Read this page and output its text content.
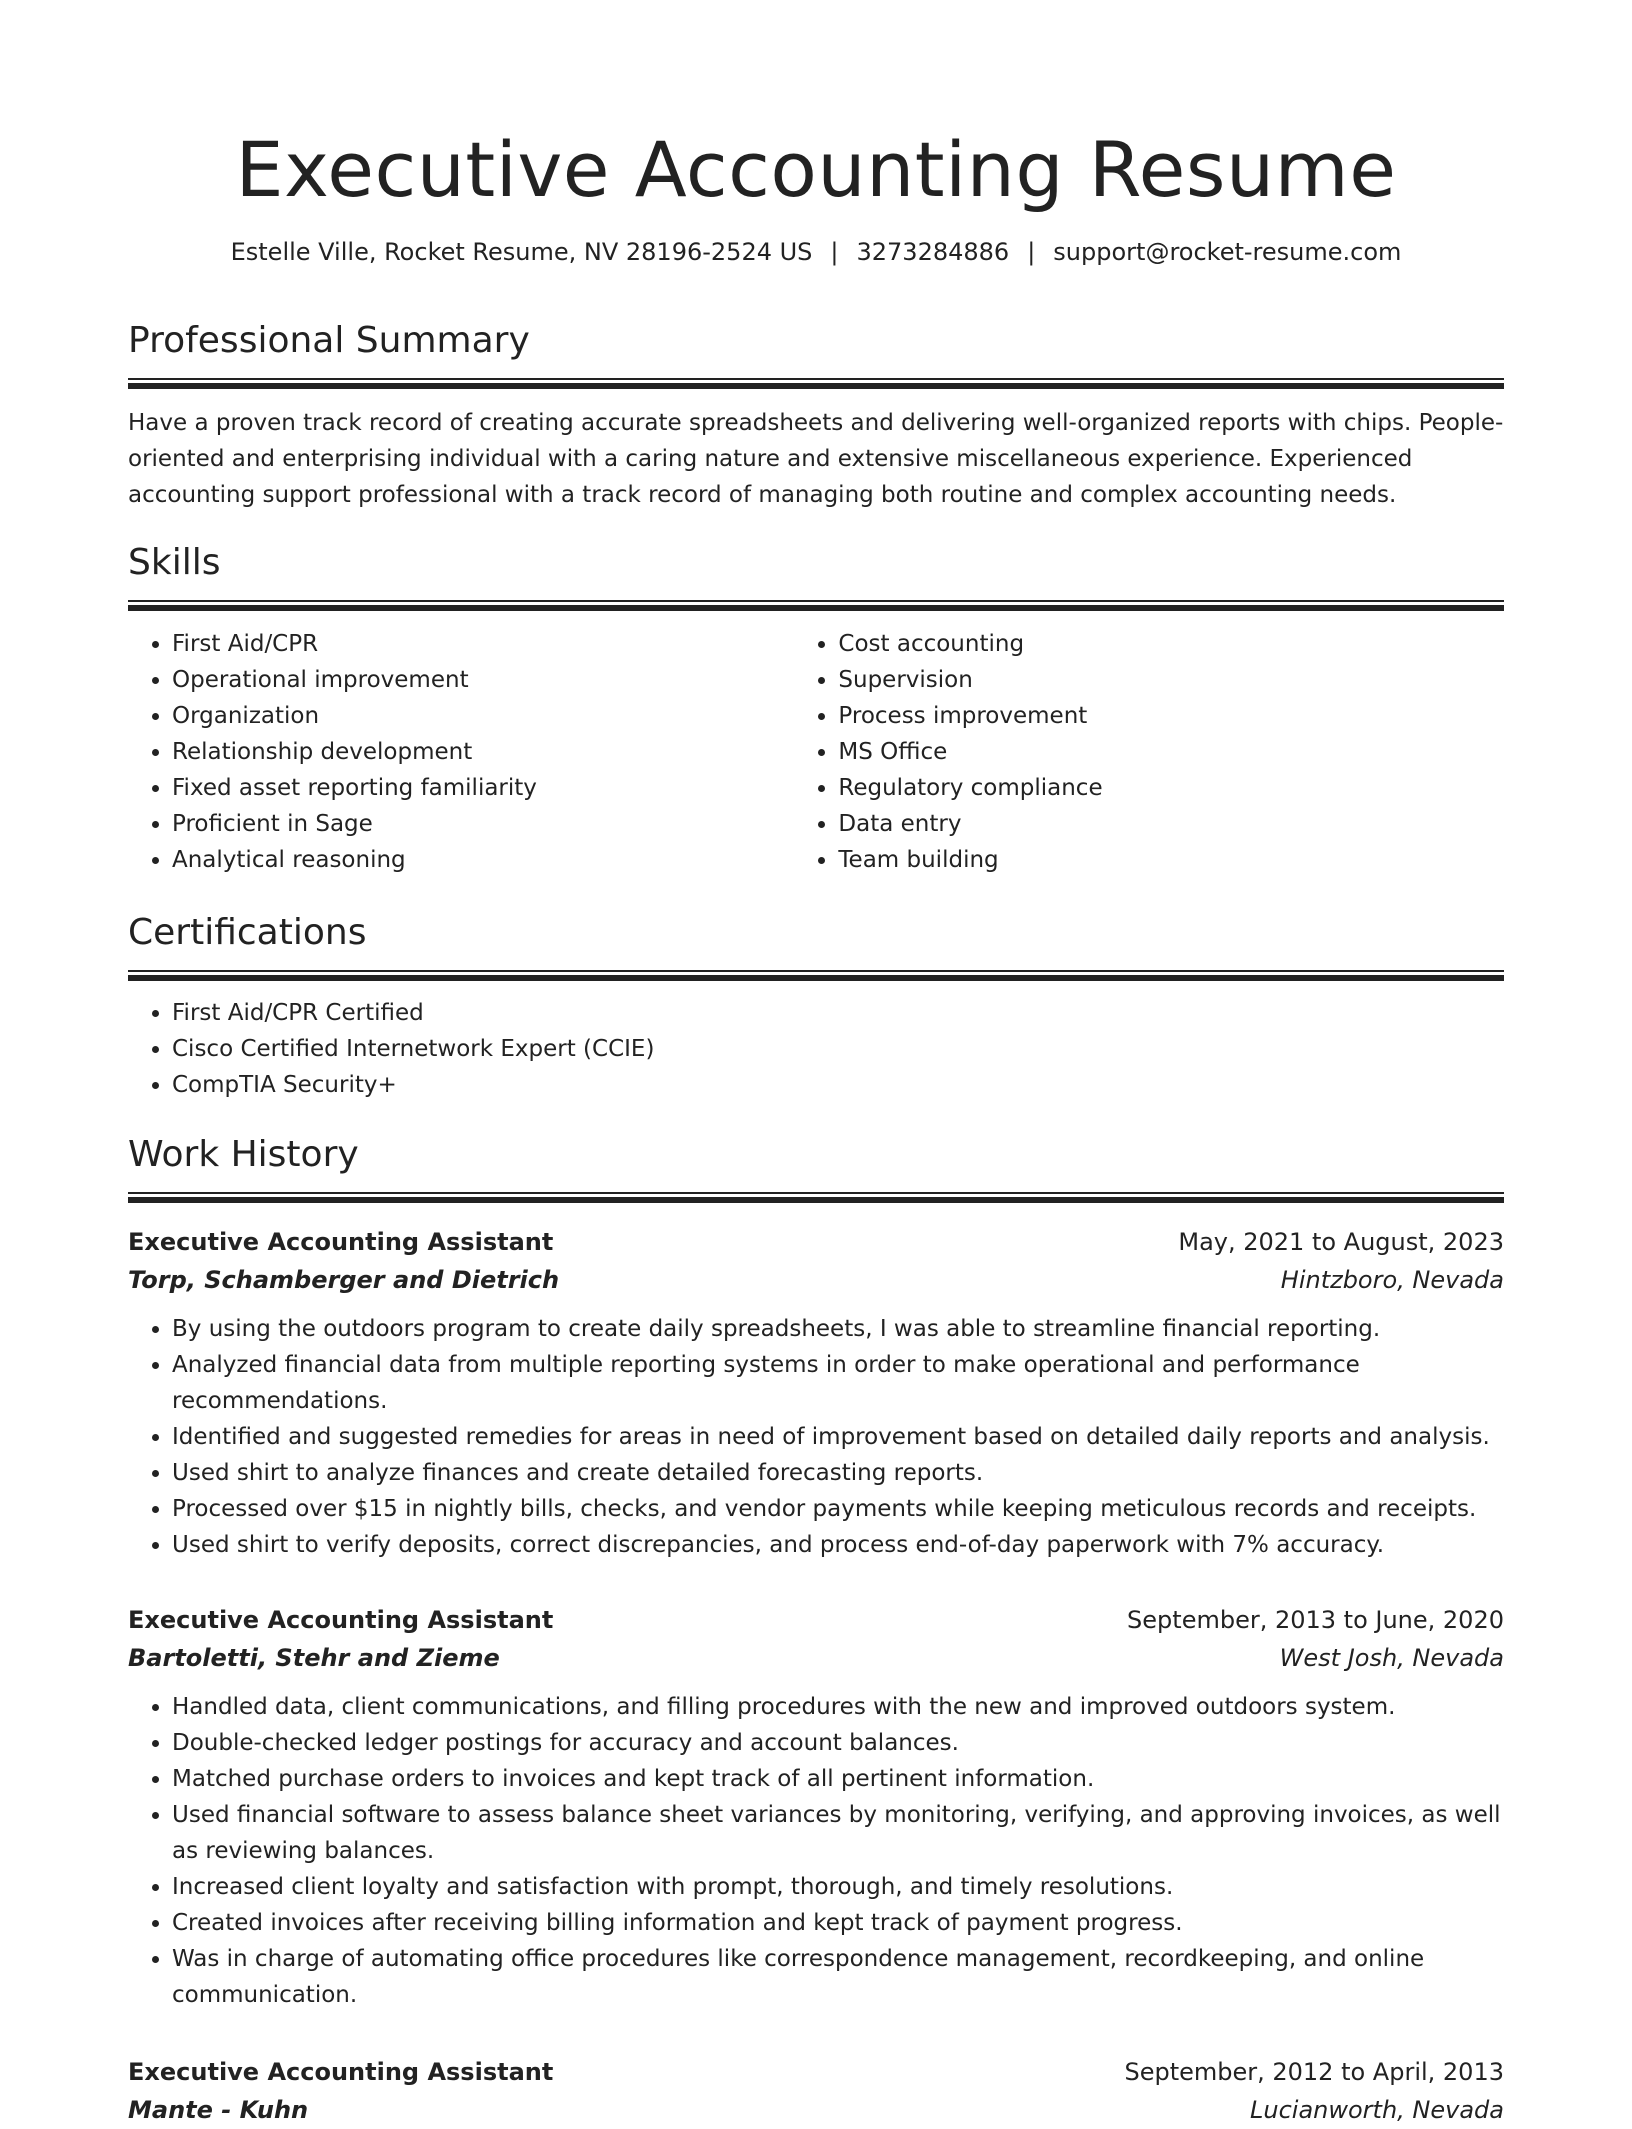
Executive Accounting Resume
Estelle Ville, Rocket Resume, NV 28196-2524 US | 3273284886 | support@rocket-resume.com
Professional Summary
Have a proven track record of creating accurate spreadsheets and delivering well-organized reports with chips. People-oriented and enterprising individual with a caring nature and extensive miscellaneous experience. Experienced accounting support professional with a track record of managing both routine and complex accounting needs.
Skills
• First Aid/CPR
• Operational improvement
• Organization
• Relationship development
• Fixed asset reporting familiarity
• Proficient in Sage
• Analytical reasoning
• Cost accounting
• Supervision
• Process improvement
• MS Office
• Regulatory compliance
• Data entry
• Team building
Certifications
• First Aid/CPR Certified
• Cisco Certified Internetwork Expert (CCIE)
• CompTIA Security+
Work History
Executive Accounting Assistant	May, 2021 to August, 2023
Torp, Schamberger and Dietrich	Hintzboro, Nevada
• By using the outdoors program to create daily spreadsheets, I was able to streamline financial reporting.
• Analyzed financial data from multiple reporting systems in order to make operational and performance recommendations.
• Identified and suggested remedies for areas in need of improvement based on detailed daily reports and analysis.
• Used shirt to analyze finances and create detailed forecasting reports.
• Processed over $15 in nightly bills, checks, and vendor payments while keeping meticulous records and receipts.
• Used shirt to verify deposits, correct discrepancies, and process end-of-day paperwork with 7% accuracy.
Executive Accounting Assistant	September, 2013 to June, 2020
Bartoletti, Stehr and Zieme	West Josh, Nevada
• Handled data, client communications, and filling procedures with the new and improved outdoors system.
• Double-checked ledger postings for accuracy and account balances.
• Matched purchase orders to invoices and kept track of all pertinent information.
• Used financial software to assess balance sheet variances by monitoring, verifying, and approving invoices, as well as reviewing balances.
• Increased client loyalty and satisfaction with prompt, thorough, and timely resolutions.
• Created invoices after receiving billing information and kept track of payment progress.
• Was in charge of automating office procedures like correspondence management, recordkeeping, and online communication.
Executive Accounting Assistant	September, 2012 to April, 2013
Mante - Kuhn	Lucianworth, Nevada
